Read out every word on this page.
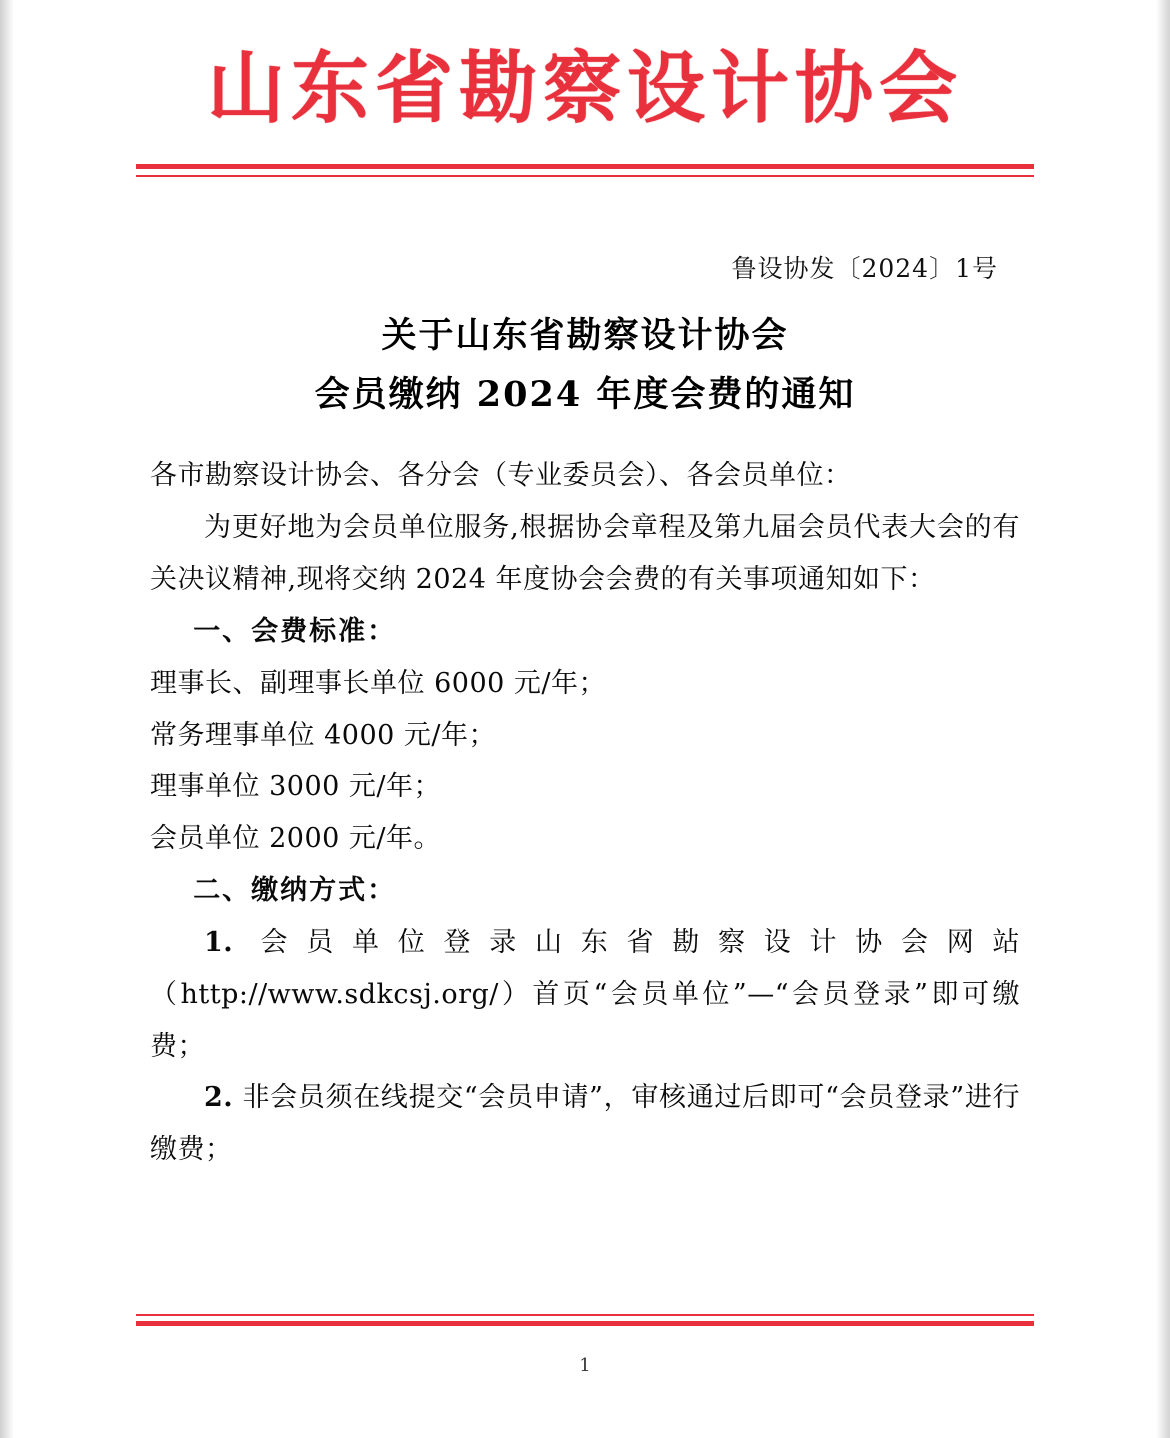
山东省勘察设计协会
鲁设协发〔2024〕1号
关于山东省勘察设计协会
会员缴纳 2024 年度会费的通知

各市勘察设计协会、各分会（专业委员会）、各会员单位：

为更好地为会员单位服务,根据协会章程及第九届会员代表大会的有关决议精神,现将交纳 2024 年度协会会费的有关事项通知如下：

一、会费标准：

理事长、副理事长单位 6000 元/年；

常务理事单位 4000 元/年；

理事单位 3000 元/年；

会员单位 2000 元/年。

二、缴纳方式：

1. 会员单位登录山东省勘察设计协会网站（http://www.sdkcsj.org/）首页“会员单位”—“会员登录”即可缴费；

2. 非会员须在线提交“会员申请”，审核通过后即可“会员登录”进行缴费；

1
